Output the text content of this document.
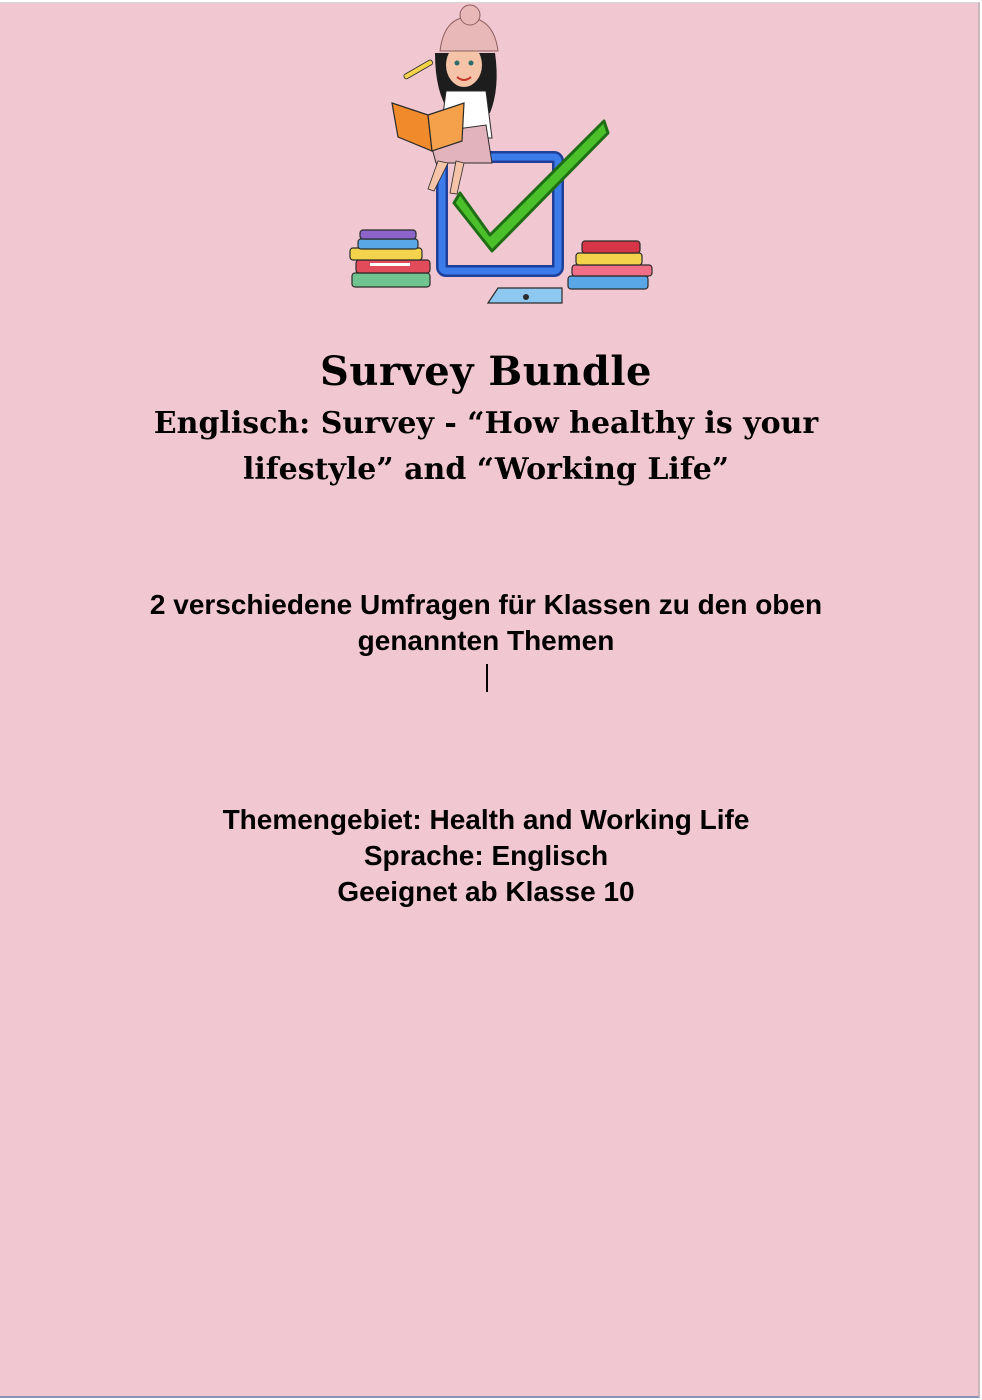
Survey Bundle
Englisch: Survey - “How healthy is your lifestyle” and “Working Life”
2 verschiedene Umfragen für Klassen zu den oben genannten Themen
Themengebiet: Health and Working Life
Sprache: Englisch
Geeignet ab Klasse 10
